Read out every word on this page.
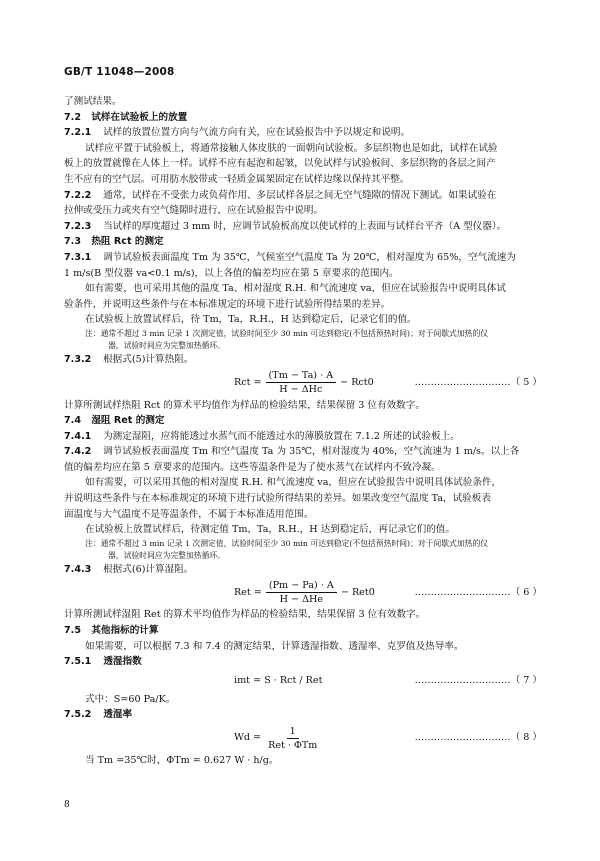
GB/T 11048—2008
了测试结果。
7.2 试样在试验板上的放置
7.2.1 试样的放置位置方向与气流方向有关，应在试验报告中予以规定和说明。
试样应平置于试验板上，将通常接触人体皮肤的一面朝向试验板。多层织物也是如此，试样在试验
板上的放置就像在人体上一样。试样不应有起泡和起皱，以免试样与试验板间、多层织物的各层之间产
生不应有的空气层。可用肪水胶带或一轻质金属架固定在试样边缘以保持其平整。
7.2.2 通常，试样在不受张力或负荷作用、多层试样各层之间无空气缝隙的情况下测试。如果试验在
拉伸或受压力或夹有空气缝隙时进行，应在试验报告中说明。
7.2.3 当试样的厚度超过 3 mm 时，应调节试验板高度以使试样的上表面与试样台平齐（A 型仪器）。
7.3 热阻 Rct 的测定
7.3.1 调节试验板表面温度 Tm 为 35℃，气候室空气温度 Ta 为 20℃，相对湿度为 65%，空气流速为
1 m/s(B 型仪器 va<0.1 m/s)，以上各值的偏差均应在第 5 章要求的范围内。
如有需要，也可采用其他的温度 Ta、相对湿度 R.H. 和气流速度 va，但应在试验报告中说明具体试
验条件，并说明这些条件与在本标准规定的环境下进行试验所得结果的差异。
在试验板上放置试样后，待 Tm，Ta，R.H.，H 达到稳定后，记录它们的值。
注：通常不超过 3 min 记录 1 次测定值，试验时间至少 30 min 可达到稳定(不包括预热时间)；对于间歇式加热的仪
器，试验时间应为完整加热循环。
7.3.2 根据式(5)计算热阻。
Rct = $\frac{(Tm - Ta) \cdot A}{\text{H − ΔHc}} - Rct0$	…………………………（ 5 ）
计算所测试样热阻 Rct 的算术平均值作为样品的检验结果，结果保留 3 位有效数字。
7.4 湿阻 Ret 的测定
7.4.1 为测定湿阻，应将能透过水蒸气而不能透过水的薄膜放置在 7.1.2 所述的试验板上。
7.4.2 调节试验板表面温度 Tm 和空气温度 Ta 为 35℃，相对湿度为 40%，空气流速为 1 m/s。以上各
值的偏差均应在第 5 章要求的范围内。这些等温条件是为了使水蒸气在试样内不致冷凝。
如有需要，可以采用其他的相对湿度 R.H. 和气流速度 va，但应在试验报告中说明具体试验条件，
并说明这些条件与在本标准规定的环境下进行试验所得结果的差异。如果改变空气温度 Ta，试验板表
面温度与大气温度不是等温条件，不属于本标准适用范围。
在试验板上放置试样后，待测定值 Tm，Ta，R.H.，H 达到稳定后，再记录它们的值。
注：通常不超过 3 min 记录 1 次测定值，试验时间至少 30 min 可达到稳定(不包括预热时间)；对于间歇式加热的仪
器，试验时间应为完整加热循环。
7.4.3 根据式(6)计算湿阻。
Ret = $\frac{(Pm - Pa) \cdot A}{\text{H − ΔHe}} - Ret0$	…………………………（ 6 ）
计算所测试样湿阻 Ret 的算术平均值作为样品的检验结果，结果保留 3 位有效数字。
7.5 其他指标的计算
如果需要，可以根据 7.3 和 7.4 的测定结果，计算透湿指数、透湿率、克罗值及热导率。
7.5.1 透湿指数
imt = S · Rct / Ret	…………………………（ 7 ）
式中：S=60 Pa/K。
7.5.2 透湿率
$Wd = \frac{1}{\text{Ret · ΦTm}}$	…………………………（ 8 ）
当 Tm =35℃时，ΦTm = 0.627 W · h/g。
8
